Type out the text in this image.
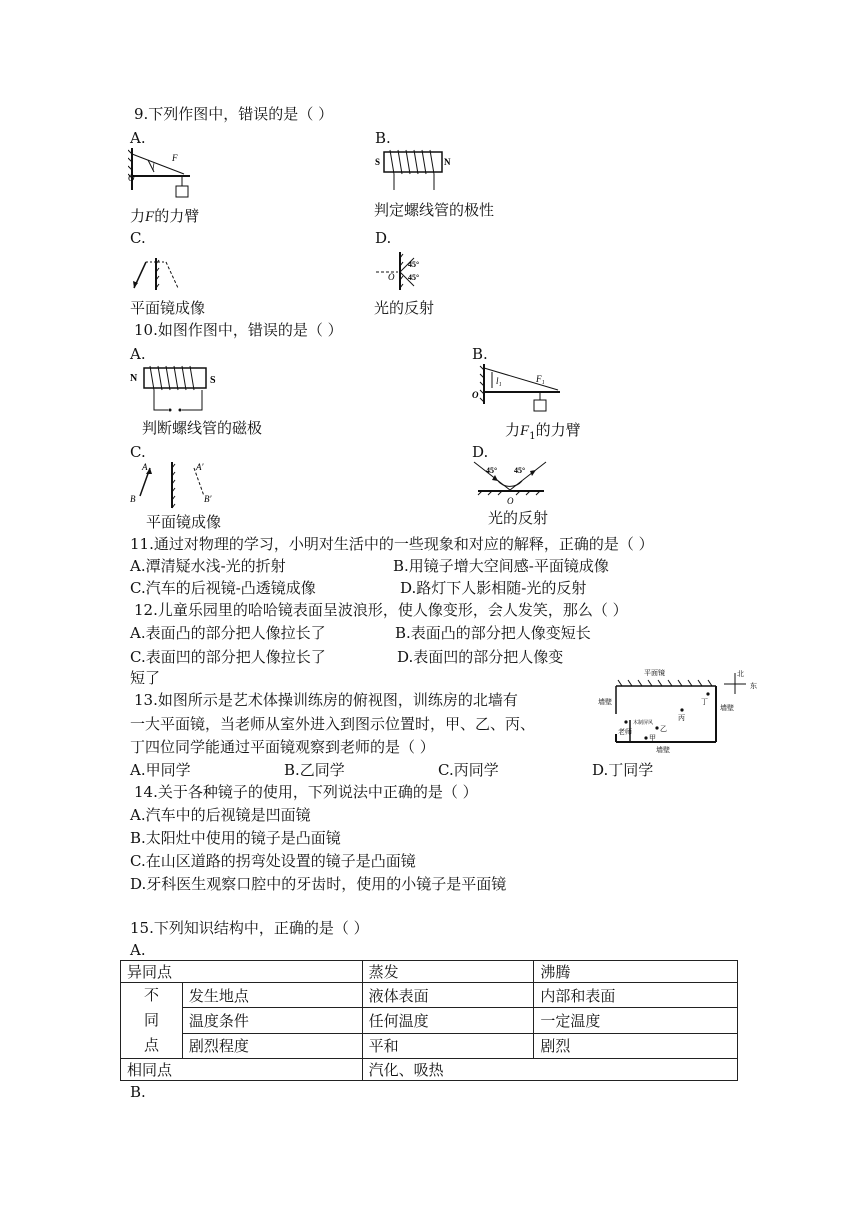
9.下列作图中，错误的是（ ）
A.
F
l
O
力F的力臂
B.
S	N
判定螺线管的极性
C.
平面镜成像
D.
45°
45°
O
光的反射
10.如图作图中，错误的是（ ）
A.
N	S
判断螺线管的磁极
B.
l₁	F₁
O
力$F_1$的力臂
C.
A	A′
B	B′
平面镜成像
D.
45° 45°
O
光的反射
11.通过对物理的学习，小明对生活中的一些现象和对应的解释，正确的是（ ）
A.潭清疑水浅-光的折射	B.用镜子增大空间感-平面镜成像
C.汽车的后视镜-凸透镜成像	D.路灯下人影相随-光的反射
12.儿童乐园里的哈哈镜表面呈波浪形，使人像变形，会人发笑，那么（ ）
A.表面凸的部分把人像拉长了	B.表面凸的部分把人像变短长
C.表面凹的部分把人像拉长了	D.表面凹的部分把人像变
短了
13.如图所示是艺术体操训练房的俯视图，训练房的北墙有
一大平面镜，当老师从室外进入到图示位置时，甲、乙、丙、
丁四位同学能通过平面镜观察到老师的是（ ）
A.甲同学	B.乙同学	C.丙同学	D.丁同学
平面镜
墙壁
墙壁
墙壁
木制屏风
老师
甲
乙
丙
丁
北
东
14.关于各种镜子的使用，下列说法中正确的是（ ）
A.汽车中的后视镜是凹面镜
B.太阳灶中使用的镜子是凸面镜
C.在山区道路的拐弯处设置的镜子是凸面镜
D.牙科医生观察口腔中的牙齿时，使用的小镜子是平面镜
15.下列知识结构中，正确的是（ ）
A.
异同点		蒸发	沸腾

不
同
点	发生地点	液体表面	内部和表面
	温度条件	任何温度	一定温度
	剧烈程度	平和	剧烈
相同点		汽化、吸热	
B.
